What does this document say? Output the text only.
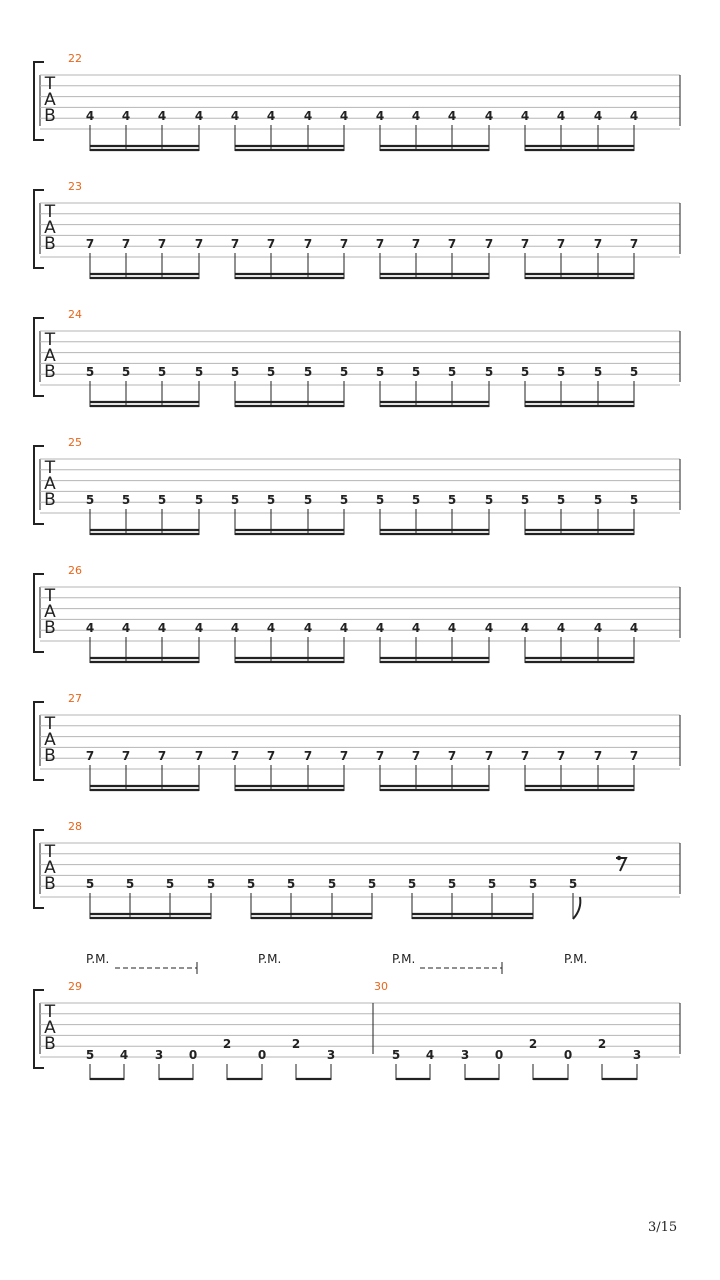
T
A
B
22
4 4 4 4 4 4 4 4 4 4 4 4 4 4 4 4
T
A
B
23
7 7 7 7 7 7 7 7 7 7 7 7 7 7 7 7
T
A
B
24
5 5 5 5 5 5 5 5 5 5 5 5 5 5 5 5
T
A
B
25
5 5 5 5 5 5 5 5 5 5 5 5 5 5 5 5
T
A
B
26
4 4 4 4 4 4 4 4 4 4 4 4 4 4 4 4
T
A
B
27
7 7 7 7 7 7 7 7 7 7 7 7 7 7 7 7
T
A
B
28
5	5	5	5	5	5	5	5	5	5	5	5	5
T
A
B
P.M.	P.M.	P.M.	P.M.
29
5 4 3 0
2
0
2
3
30
5 4 3 0
2
0
2
3
3/15
